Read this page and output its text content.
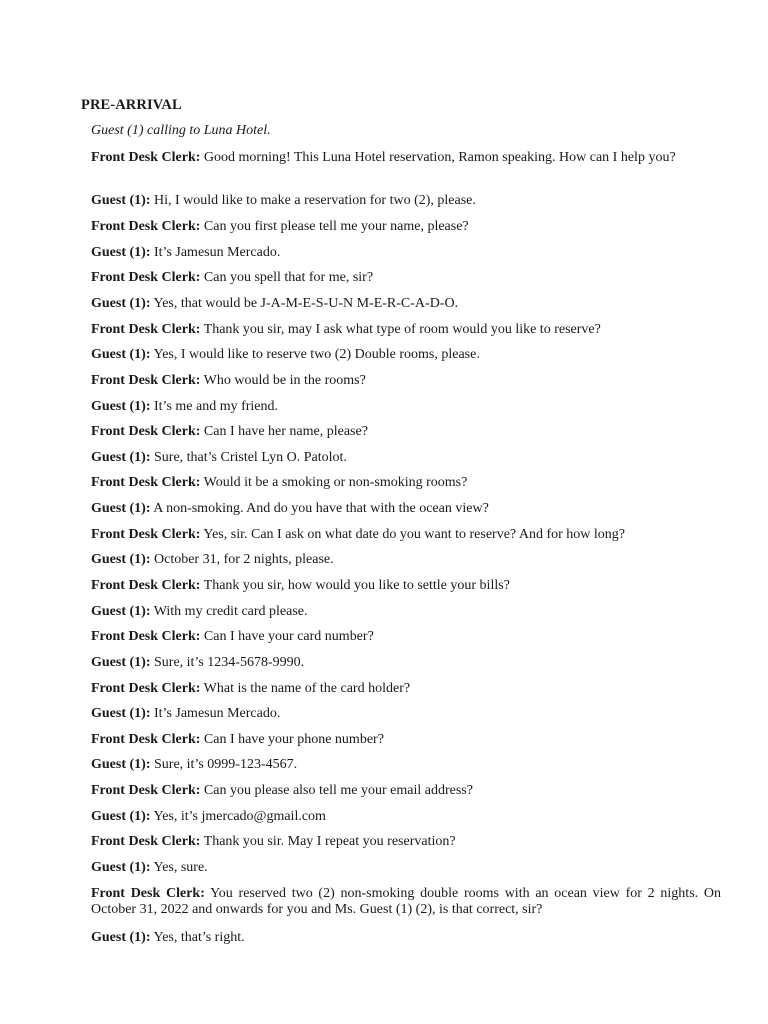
PRE-ARRIVAL
Guest (1) calling to Luna Hotel.
Front Desk Clerk: Good morning! This Luna Hotel reservation, Ramon speaking. How can I help you?
Guest (1): Hi, I would like to make a reservation for two (2), please.
Front Desk Clerk: Can you first please tell me your name, please?
Guest (1): It’s Jamesun Mercado.
Front Desk Clerk: Can you spell that for me, sir?
Guest (1): Yes, that would be J-A-M-E-S-U-N M-E-R-C-A-D-O.
Front Desk Clerk: Thank you sir, may I ask what type of room would you like to reserve?
Guest (1): Yes, I would like to reserve two (2) Double rooms, please.
Front Desk Clerk: Who would be in the rooms?
Guest (1): It’s me and my friend.
Front Desk Clerk: Can I have her name, please?
Guest (1): Sure, that’s Cristel Lyn O. Patolot.
Front Desk Clerk: Would it be a smoking or non-smoking rooms?
Guest (1): A non-smoking. And do you have that with the ocean view?
Front Desk Clerk: Yes, sir. Can I ask on what date do you want to reserve? And for how long?
Guest (1): October 31, for 2 nights, please.
Front Desk Clerk: Thank you sir, how would you like to settle your bills?
Guest (1): With my credit card please.
Front Desk Clerk: Can I have your card number?
Guest (1): Sure, it’s 1234-5678-9990.
Front Desk Clerk: What is the name of the card holder?
Guest (1): It’s Jamesun Mercado.
Front Desk Clerk: Can I have your phone number?
Guest (1): Sure, it’s 0999-123-4567.
Front Desk Clerk: Can you please also tell me your email address?
Guest (1): Yes, it’s jmercado@gmail.com
Front Desk Clerk: Thank you sir. May I repeat you reservation?
Guest (1): Yes, sure.
Front Desk Clerk: You reserved two (2) non-smoking double rooms with an ocean view for 2 nights. On October 31, 2022 and onwards for you and Ms. Guest (1) (2), is that correct, sir?
Guest (1): Yes, that’s right.
